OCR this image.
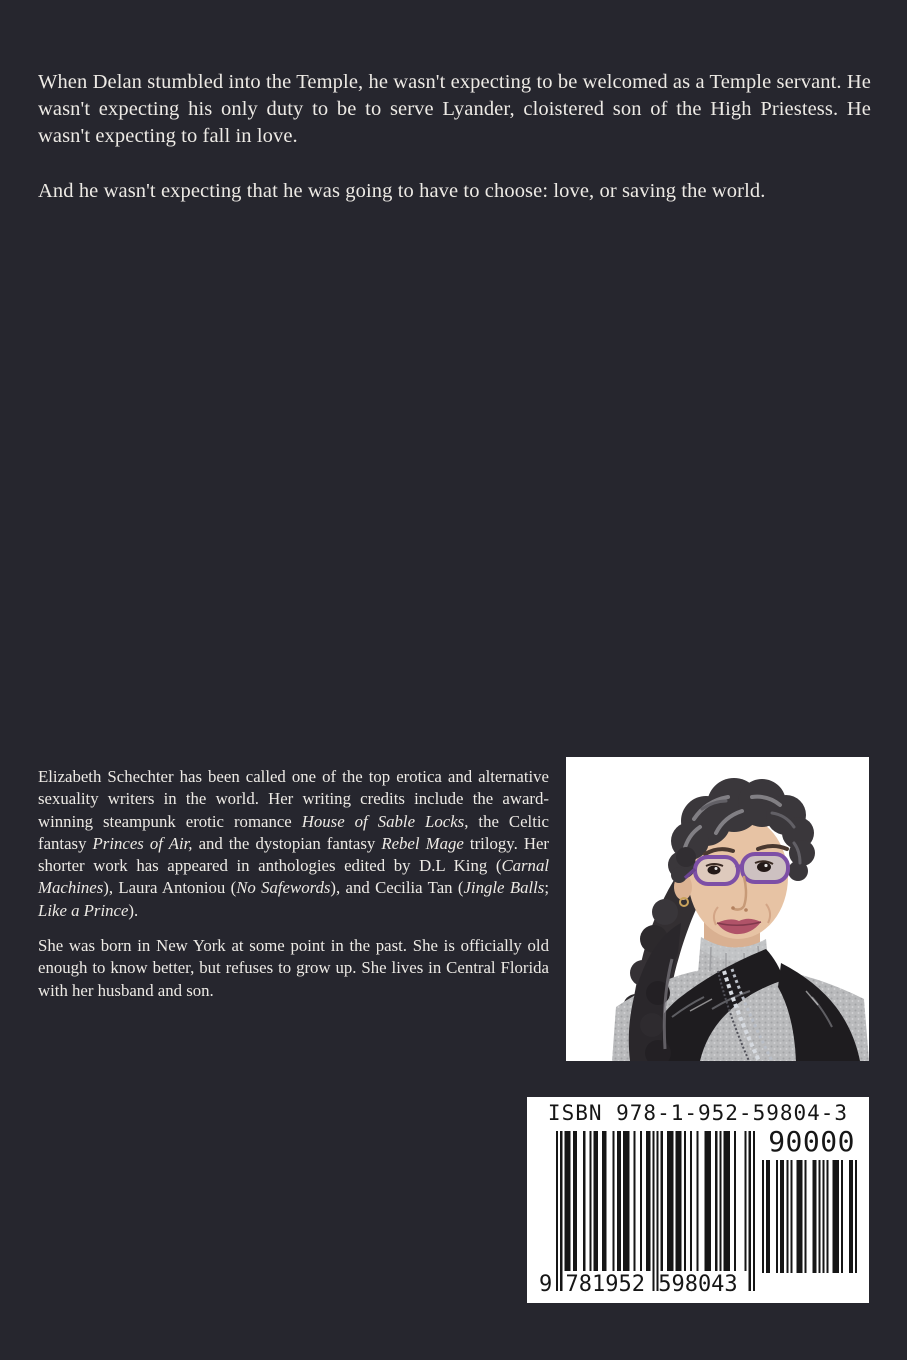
When Delan stumbled into the Temple, he wasn't expecting to be welcomed as a Temple servant. He wasn't expecting his only duty to be to serve Lyander, cloistered son of the High Priestess. He wasn't expecting to fall in love.

And he wasn't expecting that he was going to have to choose: love, or saving the world.

Elizabeth Schechter has been called one of the top erotica and alternative sexuality writers in the world. Her writing credits include the award-winning steampunk erotic romance House of Sable Locks, the Celtic fantasy Princes of Air, and the dystopian fantasy Rebel Mage trilogy. Her shorter work has appeared in anthologies edited by D.L King (Carnal Machines), Laura Antoniou (No Safewords), and Cecilia Tan (Jingle Balls; Like a Prince).

She was born in New York at some point in the past. She is officially old enough to know better, but refuses to grow up. She lives in Central Florida with her husband and son.

ISBN 978-1-952-59804-3
90000
9 781952 598043
